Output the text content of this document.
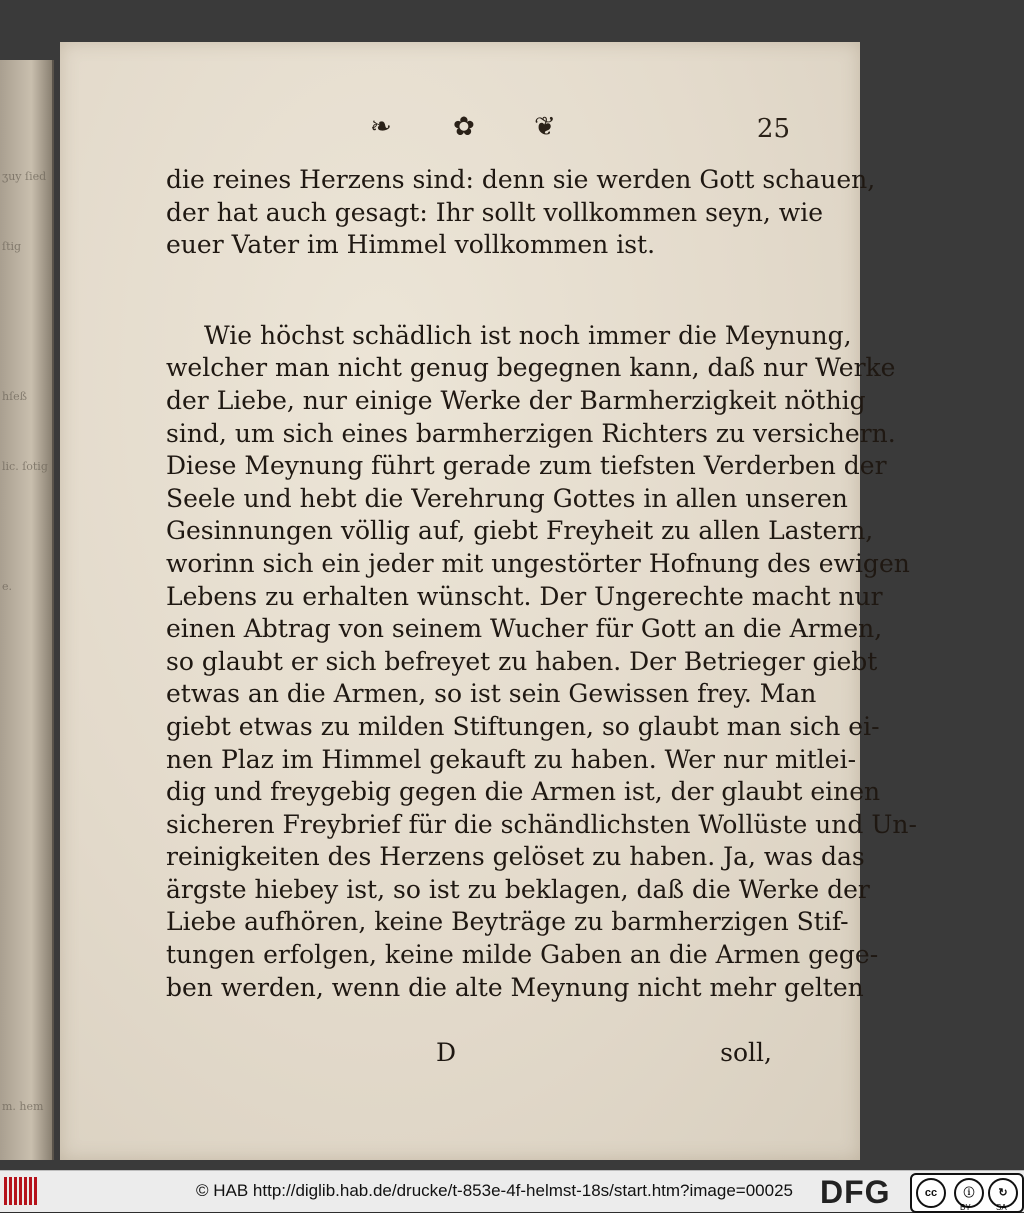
ʒuy ſied
ſtig
hſeß
lic. ſotig
e.
m. hem
❧ ✿ ❦	25
die reines Herzens sind: denn sie werden Gott schauen,
der hat auch gesagt: Ihr sollt vollkommen seyn, wie
euer Vater im Himmel vollkommen ist.
Wie höchst schädlich ist noch immer die Meynung,
welcher man nicht genug begegnen kann, daß nur Werke
der Liebe, nur einige Werke der Barmherzigkeit nöthig
sind, um sich eines barmherzigen Richters zu versichern.
Diese Meynung führt gerade zum tiefsten Verderben der
Seele und hebt die Verehrung Gottes in allen unseren
Gesinnungen völlig auf, giebt Freyheit zu allen Lastern,
worinn sich ein jeder mit ungestörter Hofnung des ewigen
Lebens zu erhalten wünscht. Der Ungerechte macht nur
einen Abtrag von seinem Wucher für Gott an die Armen,
so glaubt er sich befreyet zu haben. Der Betrieger giebt
etwas an die Armen, so ist sein Gewissen frey. Man
giebt etwas zu milden Stiftungen, so glaubt man sich ei-
nen Plaz im Himmel gekauft zu haben. Wer nur mitlei-
dig und freygebig gegen die Armen ist, der glaubt einen
sicheren Freybrief für die schändlichsten Wollüste und Un-
reinigkeiten des Herzens gelöset zu haben. Ja, was das
ärgste hiebey ist, so ist zu beklagen, daß die Werke der
Liebe aufhören, keine Beyträge zu barmherzigen Stif-
tungen erfolgen, keine milde Gaben an die Armen gege-
ben werden, wenn die alte Meynung nicht mehr gelten
D	soll,
© HAB http://diglib.hab.de/drucke/t-853e-4f-helmst-18s/start.htm?image=00025 DFG	cc	ⓘ	↻
BY	SA
